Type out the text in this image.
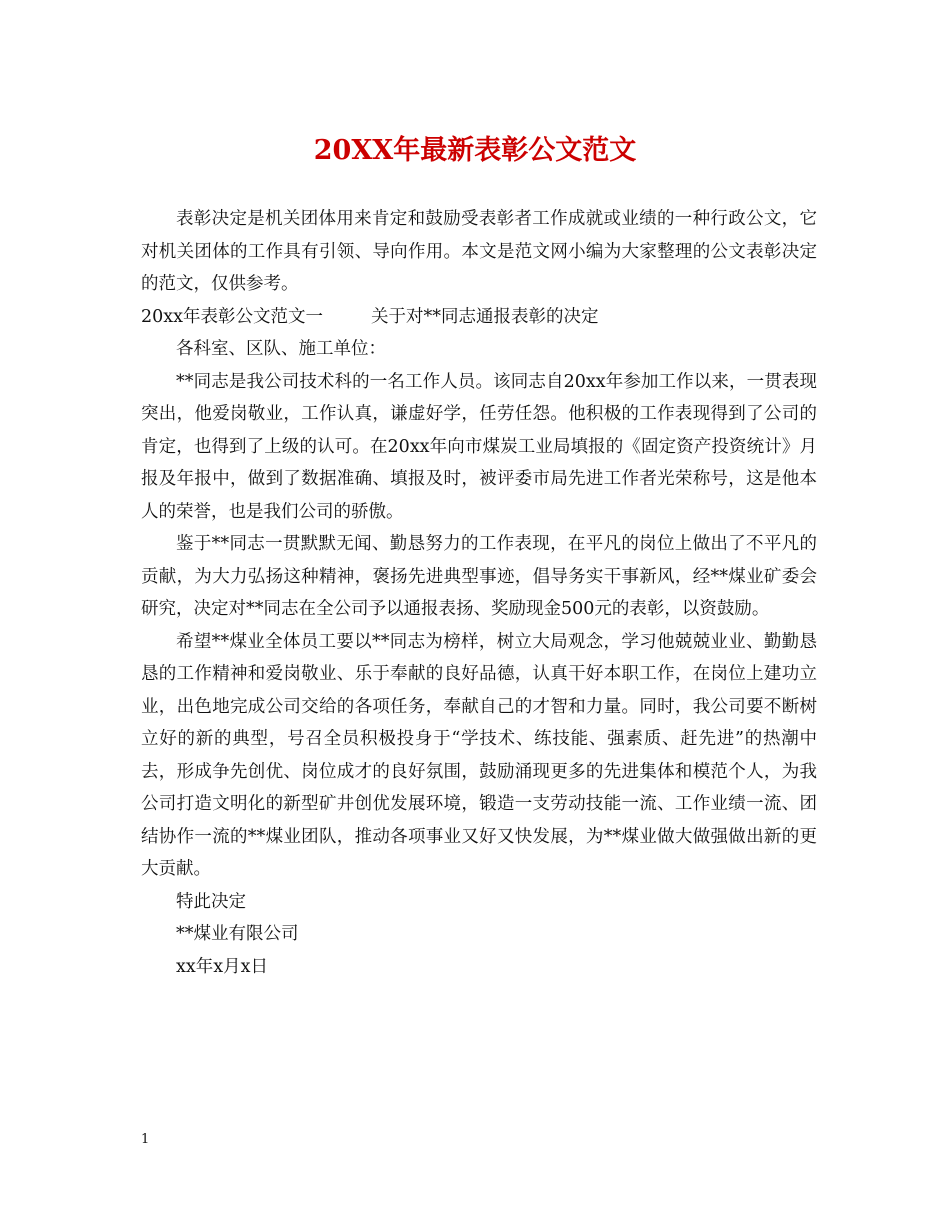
20XX年最新表彰公文范文

表彰决定是机关团体用来肯定和鼓励受表彰者工作成就或业绩的一种行政公文，它对机关团体的工作具有引领、导向作用。本文是范文网小编为大家整理的公文表彰决定的范文，仅供参考。

20xx年表彰公文范文一	关于对**同志通报表彰的决定

各科室、区队、施工单位：

**同志是我公司技术科的一名工作人员。该同志自20xx年参加工作以来，一贯表现突出，他爱岗敬业，工作认真，谦虚好学，任劳任怨。他积极的工作表现得到了公司的肯定，也得到了上级的认可。在20xx年向市煤炭工业局填报的《固定资产投资统计》月报及年报中，做到了数据准确、填报及时，被评委市局先进工作者光荣称号，这是他本人的荣誉，也是我们公司的骄傲。

鉴于**同志一贯默默无闻、勤恳努力的工作表现，在平凡的岗位上做出了不平凡的贡献，为大力弘扬这种精神，褒扬先进典型事迹，倡导务实干事新风，经**煤业矿委会研究，决定对**同志在全公司予以通报表扬、奖励现金500元的表彰，以资鼓励。

希望**煤业全体员工要以**同志为榜样，树立大局观念，学习他兢兢业业、勤勤恳恳的工作精神和爱岗敬业、乐于奉献的良好品德，认真干好本职工作，在岗位上建功立业，出色地完成公司交给的各项任务，奉献自己的才智和力量。同时，我公司要不断树立好的新的典型，号召全员积极投身于“学技术、练技能、强素质、赶先进”的热潮中去，形成争先创优、岗位成才的良好氛围，鼓励涌现更多的先进集体和模范个人，为我公司打造文明化的新型矿井创优发展环境，锻造一支劳动技能一流、工作业绩一流、团结协作一流的**煤业团队，推动各项事业又好又快发展，为**煤业做大做强做出新的更大贡献。

特此决定

**煤业有限公司

xx年x月x日

1
